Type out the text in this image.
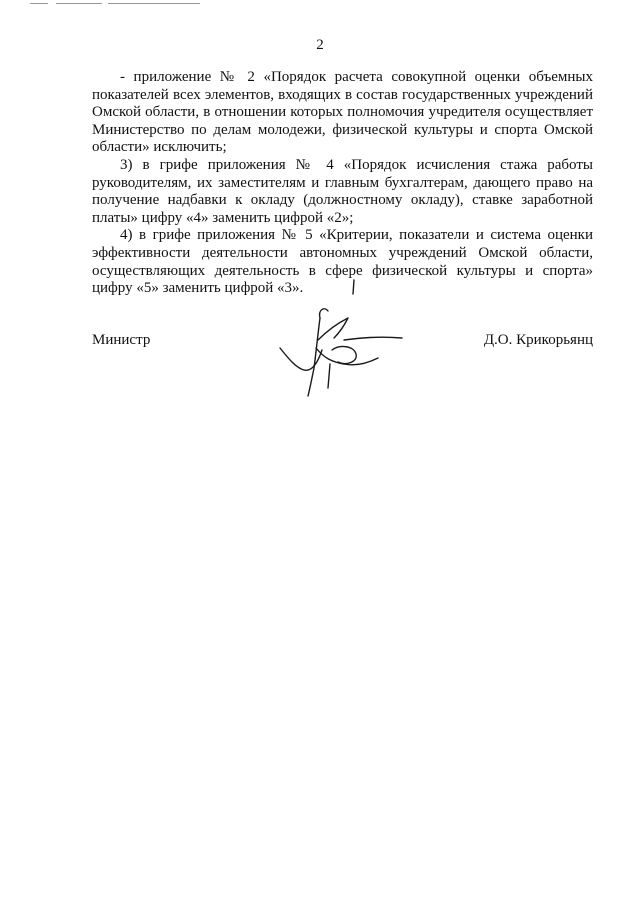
2

- приложение № 2 «Порядок расчета совокупной оценки объемных показателей всех элементов, входящих в состав государственных учреждений Омской области, в отношении которых полномочия учредителя осуществляет Министерство по делам молодежи, физической культуры и спорта Омской области» исключить;

3) в грифе приложения № 4 «Порядок исчисления стажа работы руководителям, их заместителям и главным бухгалтерам, дающего право на получение надбавки к окладу (должностному окладу), ставке заработной платы» цифру «4» заменить цифрой «2»;

4) в грифе приложения № 5 «Критерии, показатели и система оценки эффективности деятельности автономных учреждений Омской области, осуществляющих деятельность в сфере физической культуры и спорта» цифру «5» заменить цифрой «3».

Министр	Д.О. Крикорьянц
